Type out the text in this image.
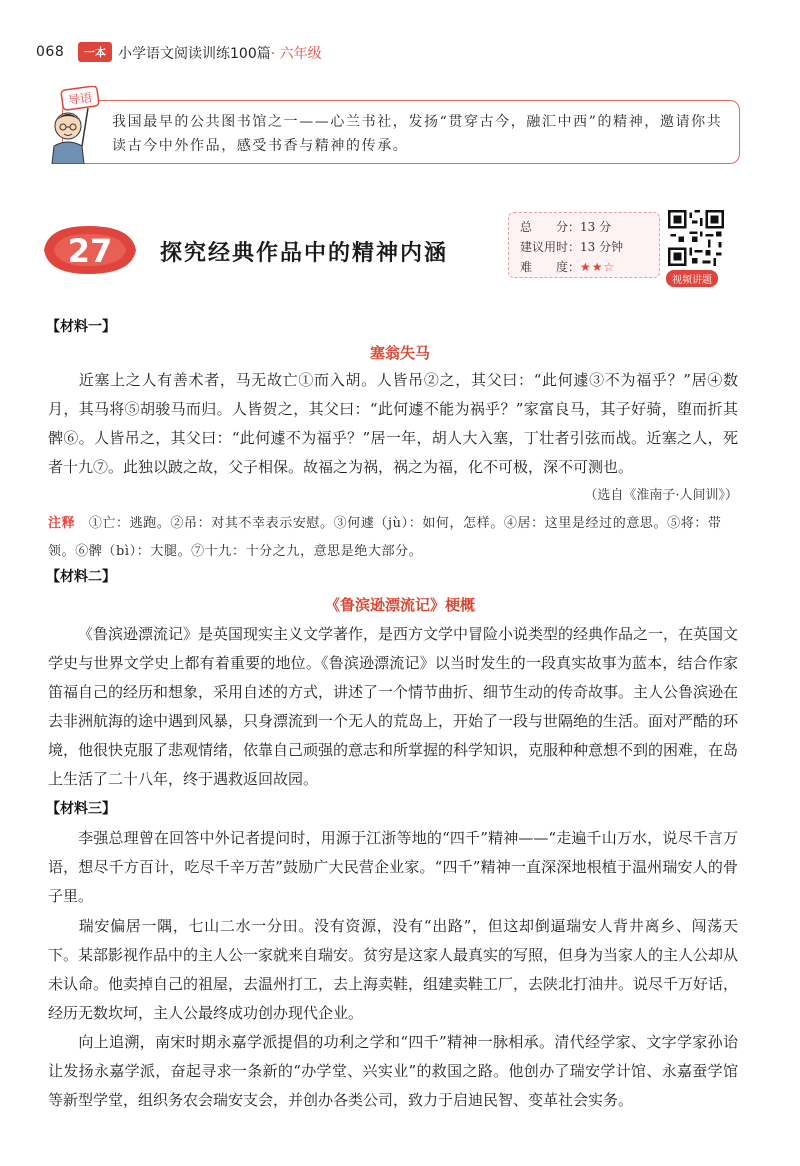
068	一本 小学语文阅读训练100篇· 六年级
导语
我国最早的公共图书馆之一——心兰书社，发扬“贯穿古今，融汇中西”的精神，邀请你共读古今中外作品，感受书香与精神的传承。
27 探究经典作品中的精神内涵
总　　分：13 分
建议用时：13 分钟
难　　度：★★☆
视频讲题
【材料一】
塞翁失马
近塞上之人有善术者，马无故亡①而入胡。人皆吊②之，其父曰：“此何遽③不为福乎？”居④数月，其马将⑤胡骏马而归。人皆贺之，其父曰：“此何遽不能为祸乎？”家富良马，其子好骑，堕而折其髀⑥。人皆吊之，其父曰：“此何遽不为福乎？”居一年，胡人大入塞，丁壮者引弦而战。近塞之人，死者十九⑦。此独以跛之故，父子相保。故福之为祸，祸之为福，化不可极，深不可测也。
（选自《淮南子·人间训》）
注释　 ①亡：逃跑。②吊：对其不幸表示安慰。③何遽（jù）：如何，怎样。④居：这里是经过的意思。⑤将：带领。⑥髀（bì）：大腿。⑦十九：十分之九，意思是绝大部分。
【材料二】
《鲁滨逊漂流记》梗概
《鲁滨逊漂流记》是英国现实主义文学著作，是西方文学中冒险小说类型的经典作品之一，在英国文学史与世界文学史上都有着重要的地位。《鲁滨逊漂流记》以当时发生的一段真实故事为蓝本，结合作家笛福自己的经历和想象，采用自述的方式，讲述了一个情节曲折、细节生动的传奇故事。主人公鲁滨逊在去非洲航海的途中遇到风暴，只身漂流到一个无人的荒岛上，开始了一段与世隔绝的生活。面对严酷的环境，他很快克服了悲观情绪，依靠自己顽强的意志和所掌握的科学知识，克服种种意想不到的困难，在岛上生活了二十八年，终于遇救返回故园。
【材料三】
李强总理曾在回答中外记者提问时，用源于江浙等地的“四千”精神——“走遍千山万水，说尽千言万语，想尽千方百计，吃尽千辛万苦”鼓励广大民营企业家。“四千”精神一直深深地根植于温州瑞安人的骨子里。
瑞安偏居一隅，七山二水一分田。没有资源，没有“出路”，但这却倒逼瑞安人背井离乡、闯荡天下。某部影视作品中的主人公一家就来自瑞安。贫穷是这家人最真实的写照，但身为当家人的主人公却从未认命。他卖掉自己的祖屋，去温州打工，去上海卖鞋，组建卖鞋工厂，去陕北打油井。说尽千万好话，经历无数坎坷，主人公最终成功创办现代企业。
向上追溯，南宋时期永嘉学派提倡的功利之学和“四千”精神一脉相承。清代经学家、文字学家孙诒让发扬永嘉学派，奋起寻求一条新的“办学堂、兴实业”的救国之路。他创办了瑞安学计馆、永嘉蚕学馆等新型学堂，组织务农会瑞安支会，并创办各类公司，致力于启迪民智、变革社会实务。
